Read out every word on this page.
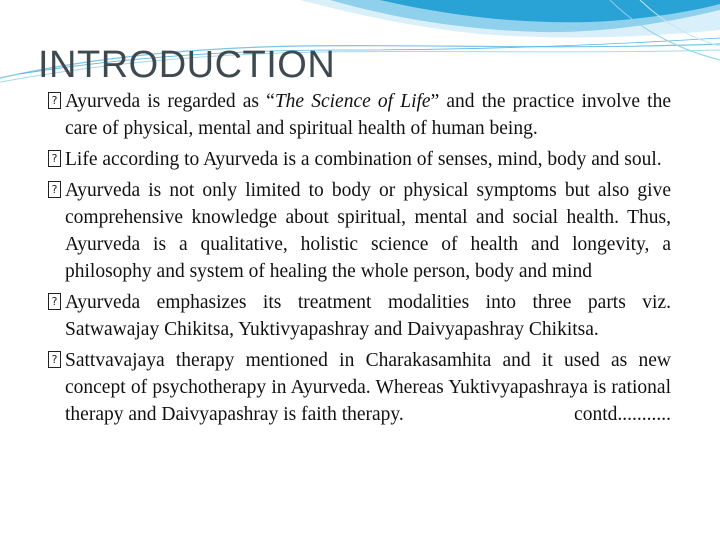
INTRODUCTION

? Ayurveda is regarded as “The Science of Life” and the practice involve the care of physical, mental and spiritual health of human being.

? Life according to Ayurveda is a combination of senses, mind, body and soul.

? Ayurveda is not only limited to body or physical symptoms but also give comprehensive knowledge about spiritual, mental and social health. Thus, Ayurveda is a qualitative, holistic science of health and longevity, a philosophy and system of healing the whole person, body and mind

? Ayurveda emphasizes its treatment modalities into three parts viz. Satwawajay Chikitsa, Yuktivyapashray and Daivyapashray Chikitsa.

? Sattvavajaya therapy mentioned in Charakasamhita and it used as new concept of psychotherapy in Ayurveda. Whereas Yuktivyapashraya is rational therapy and Daivyapashray is faith therapy.	contd...........
